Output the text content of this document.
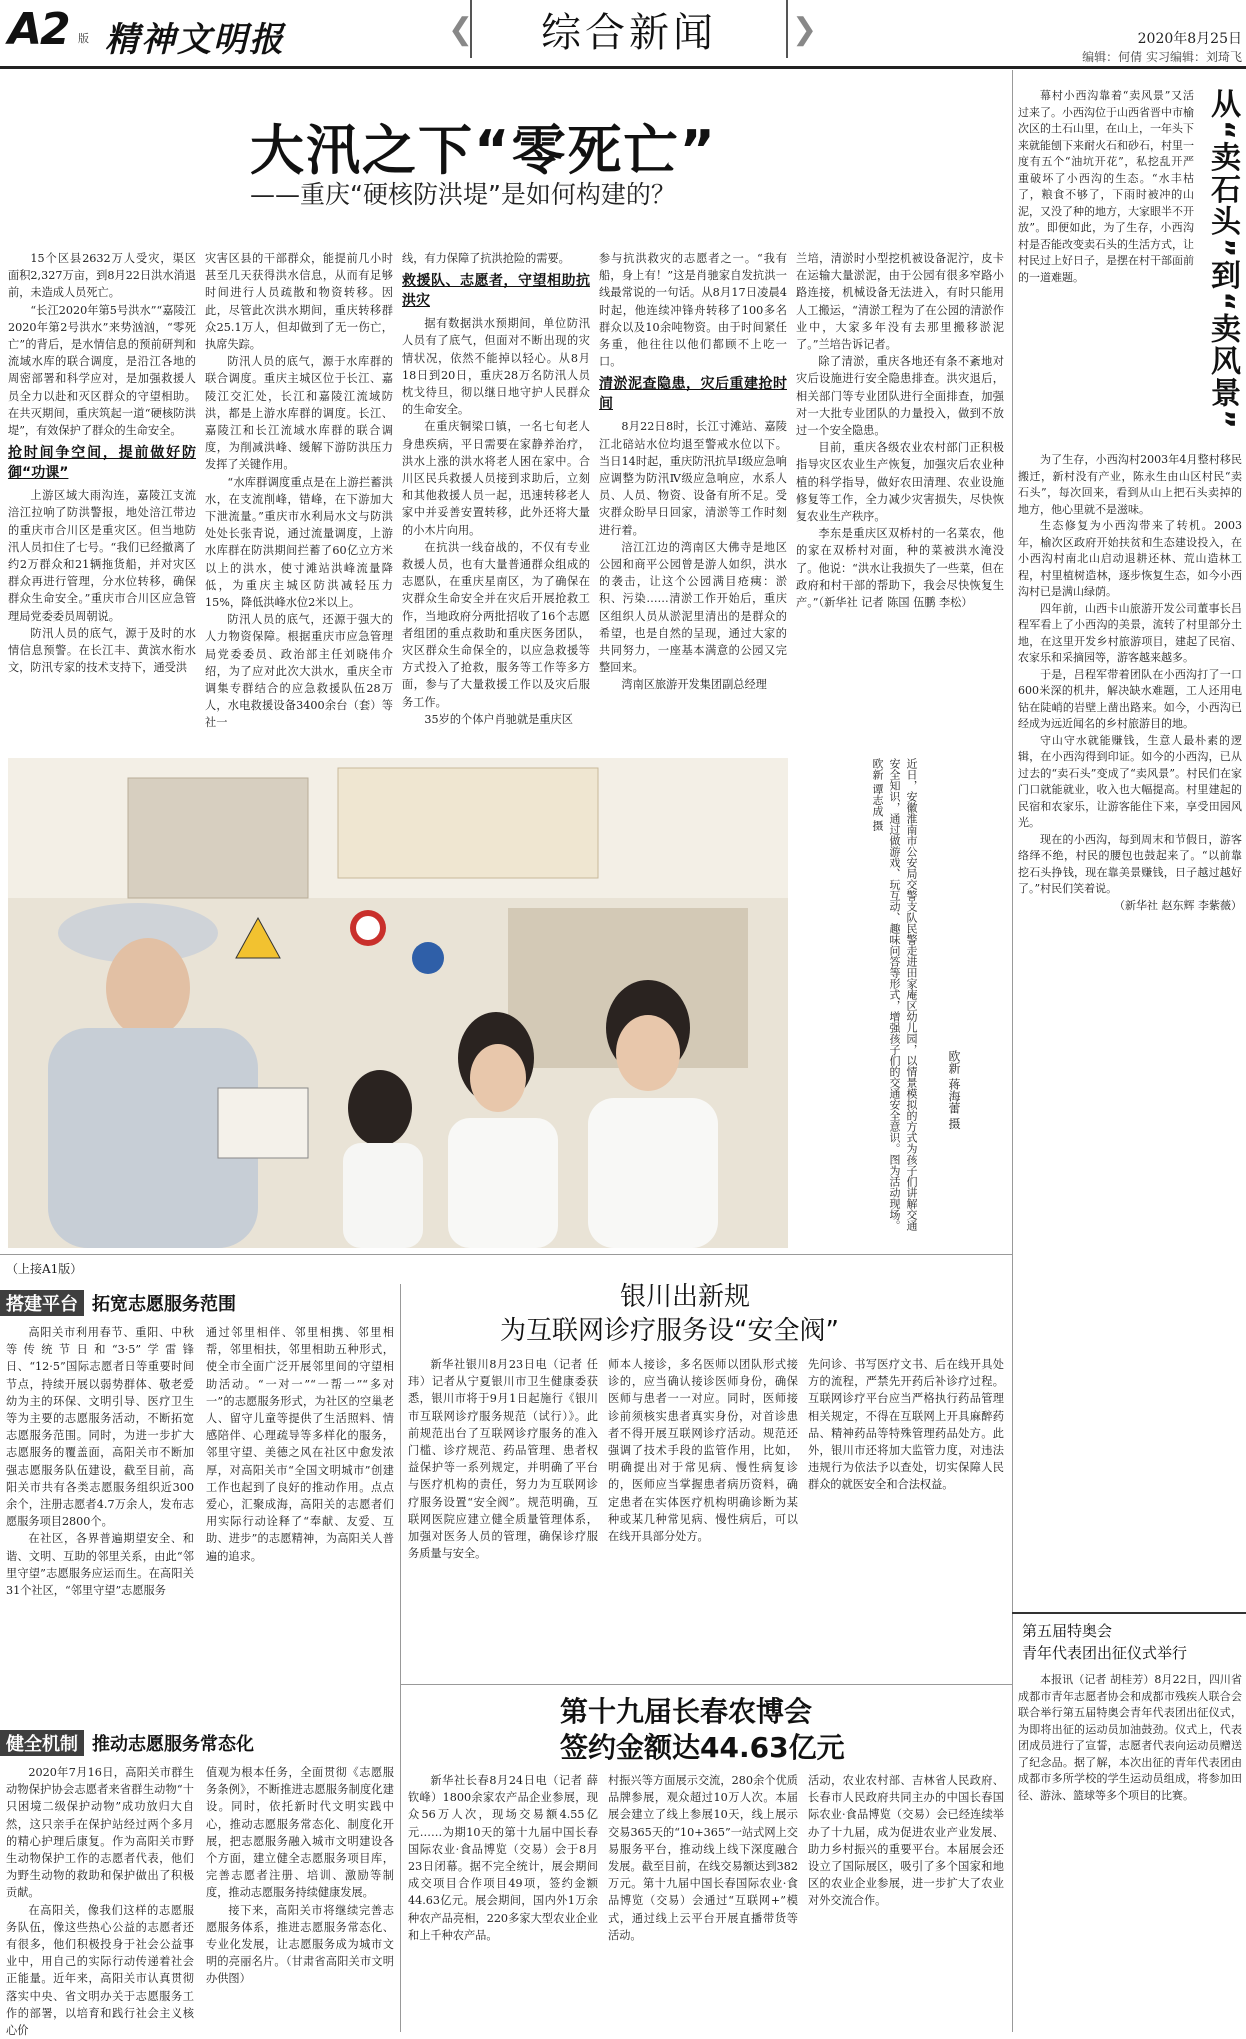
A2 版 精神文明报	❮	综合新闻	❯	2020年8月25日
编辑：何倩 实习编辑：刘琦飞
大汛之下“零死亡”
——重庆“硬核防洪堤”是如何构建的？

15个区县2632万人受灾，渠区面积2,327万亩，到8月22日洪水消退前，未造成人员死亡。

“长江2020年第5号洪水”“嘉陵江2020年第2号洪水”来势汹汹，“零死亡”的背后，是水情信息的预前研判和流域水库的联合调度，是沿江各地的周密部署和科学应对，是加强救援人员全力以赴和灭区群众的守望相助。在共灭期间，重庆筑起一道“硬核防洪堤”，有效保护了群众的生命安全。

抢时间争空间，提前做好防御“功课”

上游区域大雨沟连，嘉陵江支流涪江拉响了防洪警报，地处涪江带边的重庆市合川区是重灾区。但当地防汛人员扣住了七号。“我们已经撤离了约2万群众和21辆拖货船，并对灾区群众再进行管理，分水位转移，确保群众生命安全。”重庆市合川区应急管理局党委委员周朝说。

防汛人员的底气，源于及时的水情信息预警。在长江丰、黄滨水衔水文，防汛专家的技术支持下，通受洪

灾害区县的干部群众，能提前几小时甚至几天获得洪水信息，从而有足够时间进行人员疏散和物资转移。因此，尽管此次洪水期间，重庆转移群众25.1万人，但却做到了无一伤亡，执席失踪。

防汛人员的底气，源于水库群的联合调度。重庆主城区位于长江、嘉陵江交汇处，长江和嘉陵江流域防洪，都是上游水库群的调度。长江、嘉陵江和长江流域水库群的联合调度，为削减洪峰、缓解下游防洪压力发挥了关键作用。

“水库群调度重点是在上游拦蓄洪水，在支流削峰，错峰，在下游加大下泄流量。”重庆市水利局水文与防洪处处长张青说，通过流量调度，上游水库群在防洪期间拦蓄了60亿立方米以上的洪水，使寸滩站洪峰流量降低，为重庆主城区防洪减轻压力15%，降低洪峰水位2米以上。

防汛人员的底气，还源于强大的人力物资保障。根据重庆市应急管理局党委委员、政治部主任刘晓伟介绍，为了应对此次大洪水，重庆全市调集专群结合的应急救援队伍28万人，水电救援设备3400余台（套）等社一

线，有力保障了抗洪抢险的需要。

救援队、志愿者，守望相助抗洪灾

据有数据洪水预期间，单位防汛人员有了底气，但面对不断出现的灾情状况，依然不能掉以轻心。从8月18日到20日，重庆28万名防汛人员枕戈待旦，彻以继日地守护人民群众的生命安全。

在重庆铜梁口镇，一名七旬老人身患疾病，平日需要在家静养治疗，洪水上涨的洪水将老人困在家中。合川区民兵救援人员接到求助后，立刻和其他救援人员一起，迅速转移老人家中并妥善安置转移，此外还将大量的小木片向用。

在抗洪一线奋战的，不仅有专业救援人员，也有大量普通群众组成的志愿队，在重庆星南区，为了确保在灾群众生命安全并在灾后开展抢救工作，当地政府分两批招收了16个志愿者组团的重点救助和重庆医务团队，灾区群众生命保全的，以应急救援等方式投入了抢救，服务等工作等多方面，参与了大量救援工作以及灾后服务工作。

35岁的个体户肖驰就是重庆区

参与抗洪救灾的志愿者之一。“我有船，身上有！”这是肖驰家自发抗洪一线最常说的一句话。从8月17日凌晨4时起，他连续冲锋舟转移了100多名群众以及10余吨物资。由于时间紧任务重，他往往以他们都顾不上吃一口。

清淤泥查隐患，灾后重建抢时间

8月22日8时，长江寸滩站、嘉陵江北碚站水位均退至警戒水位以下。当日14时起，重庆防汛抗旱Ⅰ级应急响应调整为防汛Ⅳ级应急响应，水系人员、人员、物资、设备有所不足。受灾群众盼早日回家，清淤等工作时刻进行着。

涪江江边的湾南区大佛寺是地区公园和商平公园曾是游人如织，洪水的袭击，让这个公园满目疮痍：淤积、污染……清淤工作开始后，重庆区组织人员从淤泥里清出的是群众的希望，也是自然的呈现，通过大家的共同努力，一座基本满意的公园又完整回来。

湾南区旅游开发集团副总经理

兰培，清淤时小型挖机被设备泥泞，皮卡在运输大量淤泥，由于公园有很多窄路小路连接，机械设备无法进入，有时只能用人工搬运，“清淤工程为了在公园的清淤作业中，大家多年没有去那里搬移淤泥了。”兰培告诉记者。

除了清淤，重庆各地还有条不紊地对灾后设施进行安全隐患排查。洪灾退后，相关部门等专业团队进行全面排查，加强对一大批专业团队的力量投入，做到不放过一个安全隐患。

目前，重庆各级农业农村部门正积极指导灾区农业生产恢复，加强灾后农业种植的科学指导，做好农田清理、农业设施修复等工作，全力减少灾害损失，尽快恢复农业生产秩序。

李东是重庆区双桥村的一名菜农，他的家在双桥村对面，种的菜被洪水淹没了。他说：“洪水让我损失了一些菜，但在政府和村干部的帮助下，我会尽快恢复生产。”（新华社 记者 陈国 伍鹏 李松）

近日，安徽淮南市公安局交警支队民警走进田家庵区幼儿园，以情景模拟的方式为孩子们讲解交通安全知识，通过做游戏、玩互动、趣味问答等形式，增强孩子们的交通安全意识。图为活动现场。 欧新 谭志成 摄
欧新 蒋海蕾 摄
（上接A1版）
搭建平台 拓宽志愿服务范围

高阳关市利用春节、重阳、中秋等传统节日和“3·5”学雷锋日、“12·5”国际志愿者日等重要时间节点，持续开展以弱势群体、敬老爱幼为主的环保、文明引导、医疗卫生等为主要的志愿服务活动，不断拓宽志愿服务范围。同时，为进一步扩大志愿服务的覆盖面，高阳关市不断加强志愿服务队伍建设，截至目前，高阳关市共有各类志愿服务组织近300余个，注册志愿者4.7万余人，发布志愿服务项目2800个。

在社区，各界普遍期望安全、和谐、文明、互助的邻里关系，由此“邻里守望”志愿服务应运而生。在高阳关31个社区，“邻里守望”志愿服务

通过邻里相伴、邻里相携、邻里相帮，邻里相扶，邻里相助五种形式，使全市全面广泛开展邻里间的守望相助活动。“一对一”“一帮一”“多对一”的志愿服务形式，为社区的空巢老人、留守儿童等提供了生活照料、情感陪伴、心理疏导等多样化的服务，邻里守望、美德之风在社区中愈发浓厚，对高阳关市“全国文明城市”创建工作也起到了良好的推动作用。点点爱心，汇聚成海，高阳关的志愿者们用实际行动诠释了“奉献、友爱、互助、进步”的志愿精神，为高阳关人普遍的追求。

健全机制 推动志愿服务常态化

2020年7月16日，高阳关市群生动物保护协会志愿者来省群生动物“十只困境二级保护动物”成功放归大自然，这只亲手在保护站经过两个多月的精心护理后康复。作为高阳关市野生动物保护工作的志愿者代表，他们为野生动物的救助和保护做出了积极贡献。

在高阳关，像我们这样的志愿服务队伍，像这些热心公益的志愿者还有很多，他们积极投身于社会公益事业中，用自己的实际行动传递着社会正能量。近年来，高阳关市认真贯彻落实中央、省文明办关于志愿服务工作的部署，以培育和践行社会主义核心价

值观为根本任务，全面贯彻《志愿服务条例》，不断推进志愿服务制度化建设。同时，依托新时代文明实践中心，推动志愿服务常态化、制度化开展，把志愿服务融入城市文明建设各个方面，建立健全志愿服务项目库，完善志愿者注册、培训、激励等制度，推动志愿服务持续健康发展。

接下来，高阳关市将继续完善志愿服务体系，推进志愿服务常态化、专业化发展，让志愿服务成为城市文明的亮丽名片。（甘肃省高阳关市文明办供图）

银川出新规
为互联网诊疗服务设“安全阀”

新华社银川8月23日电（记者 任玮）记者从宁夏银川市卫生健康委获悉，银川市将于9月1日起施行《银川市互联网诊疗服务规范（试行）》。此前规范出台了互联网诊疗服务的准入门槛、诊疗规范、药品管理、患者权益保护等一系列规定，并明确了平台与医疗机构的责任，努力为互联网诊疗服务设置“安全阀”。规范明确，互联网医院应建立健全质量管理体系，加强对医务人员的管理，确保诊疗服务质量与安全。

师本人接诊，多名医师以团队形式接诊的，应当确认接诊医师身份，确保医师与患者一一对应。同时，医师接诊前须核实患者真实身份，对首诊患者不得开展互联网诊疗活动。规范还强调了技术手段的监管作用，比如，明确提出对于常见病、慢性病复诊的，医师应当掌握患者病历资料，确定患者在实体医疗机构明确诊断为某种或某几种常见病、慢性病后，可以在线开具部分处方。

先问诊、书写医疗文书、后在线开具处方的流程，严禁先开药后补诊疗过程。互联网诊疗平台应当严格执行药品管理相关规定，不得在互联网上开具麻醉药品、精神药品等特殊管理药品处方。此外，银川市还将加大监管力度，对违法违规行为依法予以查处，切实保障人民群众的就医安全和合法权益。

第十九届长春农博会
签约金额达44.63亿元

新华社长春8月24日电（记者 薛钦峰）1800余家农产品企业参展，现众56万人次，现场交易额4.55亿元……为期10天的第十九届中国长春国际农业·食品博览（交易）会于8月23日闭幕。据不完全统计，展会期间成交项目合作项目49项，签约金额44.63亿元。展会期间，国内外1万余种农产品亮相，220多家大型农业企业和上千种农产品。

村振兴等方面展示交流，280余个优质品牌参展，观众超过10万人次。本届展会建立了线上参展10天，线上展示交易365天的“10+365”一站式网上交易服务平台，推动线上线下深度融合发展。截至目前，在线交易额达到382万元。第十九届中国长春国际农业·食品博览（交易）会通过“互联网+”模式，通过线上云平台开展直播带货等活动。

活动，农业农村部、吉林省人民政府、长春市人民政府共同主办的中国长春国际农业·食品博览（交易）会已经连续举办了十九届，成为促进农业产业发展、助力乡村振兴的重要平台。本届展会还设立了国际展区，吸引了多个国家和地区的农业企业参展，进一步扩大了农业对外交流合作。

从“卖石头”到“卖风景”

幕村小西沟靠着“卖风景”又活过来了。小西沟位于山西省晋中市榆次区的土石山里，在山上，一年头下来就能刨下来耐火石和砂石，村里一度有五个“油坑开花”，私挖乱开严重破坏了小西沟的生态。“水丰枯了，粮食不够了，下雨时被冲的山泥，又没了种的地方，大家眼半不开放”。即便如此，为了生存，小西沟村是否能改变卖石头的生活方式，让村民过上好日子，是摆在村干部面前的一道难题。

为了生存，小西沟村2003年4月整村移民搬迁，新村没有产业，陈永生由山区村民“卖石头”，每次回来，看到从山上把石头卖掉的地方，他心里就不是滋味。

生态修复为小西沟带来了转机。2003年，榆次区政府开始扶贫和生态建设投入，在小西沟村南北山启动退耕还林、荒山造林工程，村里植树造林，逐步恢复生态，如今小西沟村已是满山绿荫。

四年前，山西卡山旅游开发公司董事长吕程军看上了小西沟的美景，流转了村里部分土地，在这里开发乡村旅游项目，建起了民宿、农家乐和采摘园等，游客越来越多。

于是，吕程军带着团队在小西沟打了一口600米深的机井，解决缺水难题，工人还用电钻在陡峭的岩壁上凿出路来。如今，小西沟已经成为远近闻名的乡村旅游目的地。

守山守水就能赚钱，生意人最朴素的逻辑，在小西沟得到印证。如今的小西沟，已从过去的“卖石头”变成了“卖风景”。村民们在家门口就能就业，收入也大幅提高。村里建起的民宿和农家乐，让游客能住下来，享受田园风光。

现在的小西沟，每到周末和节假日，游客络绎不绝，村民的腰包也鼓起来了。“以前靠挖石头挣钱，现在靠美景赚钱，日子越过越好了。”村民们笑着说。

（新华社 赵东辉 李紫薇）

第五届特奥会
青年代表团出征仪式举行

本报讯（记者 胡桂芳）8月22日，四川省成都市青年志愿者协会和成都市残疾人联合会联合举行第五届特奥会青年代表团出征仪式，为即将出征的运动员加油鼓劲。仪式上，代表团成员进行了宣誓，志愿者代表向运动员赠送了纪念品。据了解，本次出征的青年代表团由成都市多所学校的学生运动员组成，将参加田径、游泳、篮球等多个项目的比赛。
